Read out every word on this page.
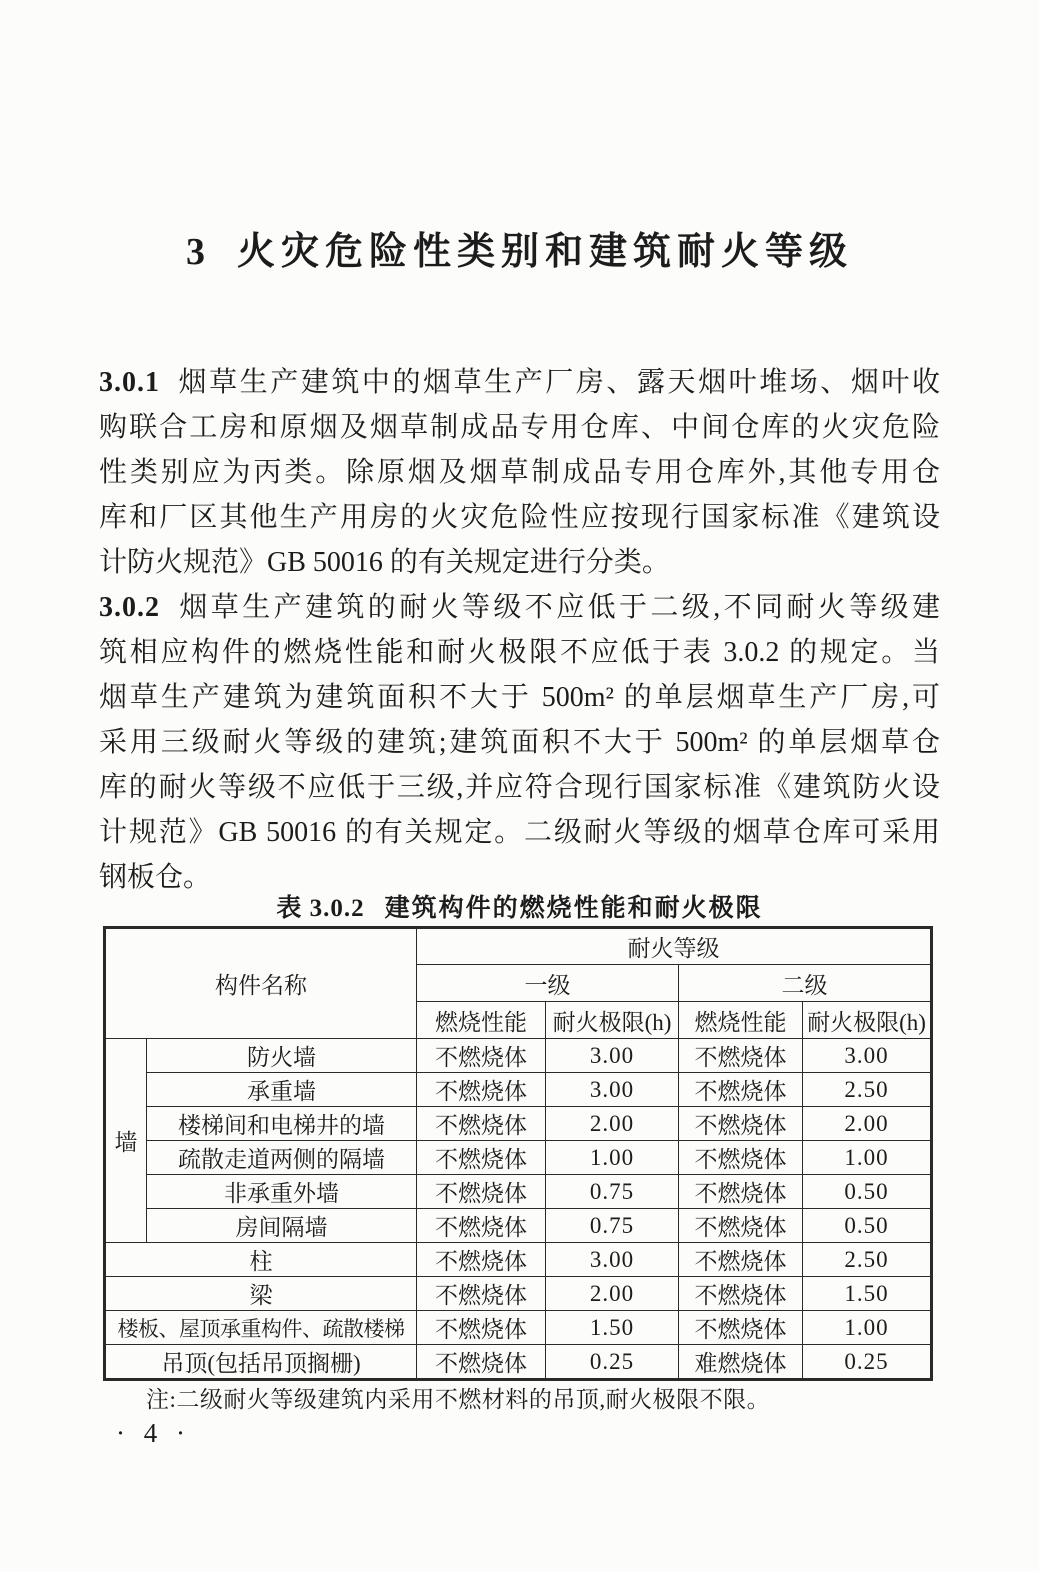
3 火灾危险性类别和建筑耐火等级
3.0.1 烟草生产建筑中的烟草生产厂房、露天烟叶堆场、烟叶收
购联合工房和原烟及烟草制成品专用仓库、中间仓库的火灾危险
性类别应为丙类。除原烟及烟草制成品专用仓库外,其他专用仓
库和厂区其他生产用房的火灾危险性应按现行国家标准《建筑设
计防火规范》GB 50016 的有关规定进行分类。
3.0.2 烟草生产建筑的耐火等级不应低于二级,不同耐火等级建
筑相应构件的燃烧性能和耐火极限不应低于表 3.0.2 的规定。当
烟草生产建筑为建筑面积不大于 500m² 的单层烟草生产厂房,可
采用三级耐火等级的建筑;建筑面积不大于 500m² 的单层烟草仓
库的耐火等级不应低于三级,并应符合现行国家标准《建筑防火设
计规范》GB 50016 的有关规定。二级耐火等级的烟草仓库可采用
钢板仓。
表 3.0.2 建筑构件的燃烧性能和耐火极限
构件名称		耐火等级			
		一级		二级	
		燃烧性能	耐火极限(h)	燃烧性能	耐火极限(h)
墙	防火墙	不燃烧体	3.00	不燃烧体	3.00
	承重墙	不燃烧体	3.00	不燃烧体	2.50
	楼梯间和电梯井的墙	不燃烧体	2.00	不燃烧体	2.00
	疏散走道两侧的隔墙	不燃烧体	1.00	不燃烧体	1.00
	非承重外墙	不燃烧体	0.75	不燃烧体	0.50
	房间隔墙	不燃烧体	0.75	不燃烧体	0.50
柱		不燃烧体	3.00	不燃烧体	2.50
梁		不燃烧体	2.00	不燃烧体	1.50
楼板、屋顶承重构件、疏散楼梯		不燃烧体	1.50	不燃烧体	1.00
吊顶(包括吊顶搁栅)		不燃烧体	0.25	难燃烧体	0.25
注:二级耐火等级建筑内采用不燃材料的吊顶,耐火极限不限。
· 4 ·
